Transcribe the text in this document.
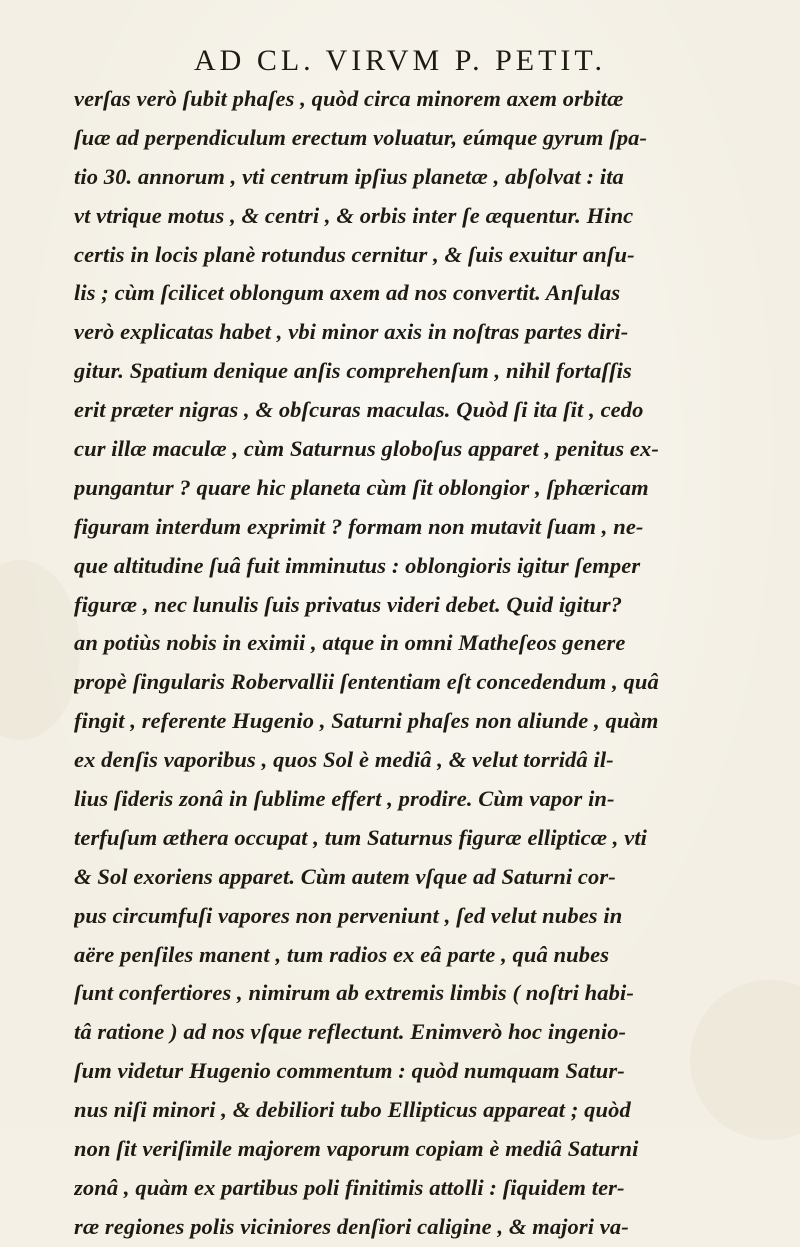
AD CL. VIRVM P. PETIT.
verſas verò ſubit phaſes , quòd circa minorem axem orbitæ
ſuæ ad perpendiculum erectum voluatur, eúmque gyrum ſpa-
tio 30. annorum , vti centrum ipſius planetæ , abſolvat : ita
vt vtrique motus , & centri , & orbis inter ſe æquentur. Hinc
certis in locis planè rotundus cernitur , & ſuis exuitur anſu-
lis ; cùm ſcilicet oblongum axem ad nos convertit. Anſulas
verò explicatas habet , vbi minor axis in noſtras partes diri-
gitur. Spatium denique anſis comprehenſum , nihil fortaſſis
erit præter nigras , & obſcuras maculas. Quòd ſi ita ſit , cedo
cur illæ maculæ , cùm Saturnus globoſus apparet , penitus ex-
pungantur ? quare hic planeta cùm ſit oblongior , ſphæricam
figuram interdum exprimit ? formam non mutavit ſuam , ne-
que altitudine ſuâ fuit imminutus : oblongioris igitur ſemper
figuræ , nec lunulis ſuis privatus videri debet. Quid igitur?
an potiùs nobis in eximii , atque in omni Matheſeos genere
propè ſingularis Robervallii ſententiam eſt concedendum , quâ
fingit , referente Hugenio , Saturni phaſes non aliunde , quàm
ex denſis vaporibus , quos Sol è mediâ , & velut torridâ il-
lius ſideris zonâ in ſublime effert , prodire. Cùm vapor in-
terfuſum æthera occupat , tum Saturnus figuræ ellipticæ , vti
& Sol exoriens apparet. Cùm autem vſque ad Saturni cor-
pus circumfuſi vapores non perveniunt , ſed velut nubes in
aëre penſiles manent , tum radios ex eâ parte , quâ nubes
ſunt confertiores , nimirum ab extremis limbis ( noſtri habi-
tâ ratione ) ad nos vſque reflectunt. Enimverò hoc ingenio-
ſum videtur Hugenio commentum : quòd numquam Satur-
nus niſi minori , & debiliori tubo Ellipticus appareat ; quòd
non ſit veriſimile majorem vaporum copiam è mediâ Saturni
zonâ , quàm ex partibus poli finitimis attolli : ſiquidem ter-
ræ regiones polis viciniores denſiori caligine , & majori va-
